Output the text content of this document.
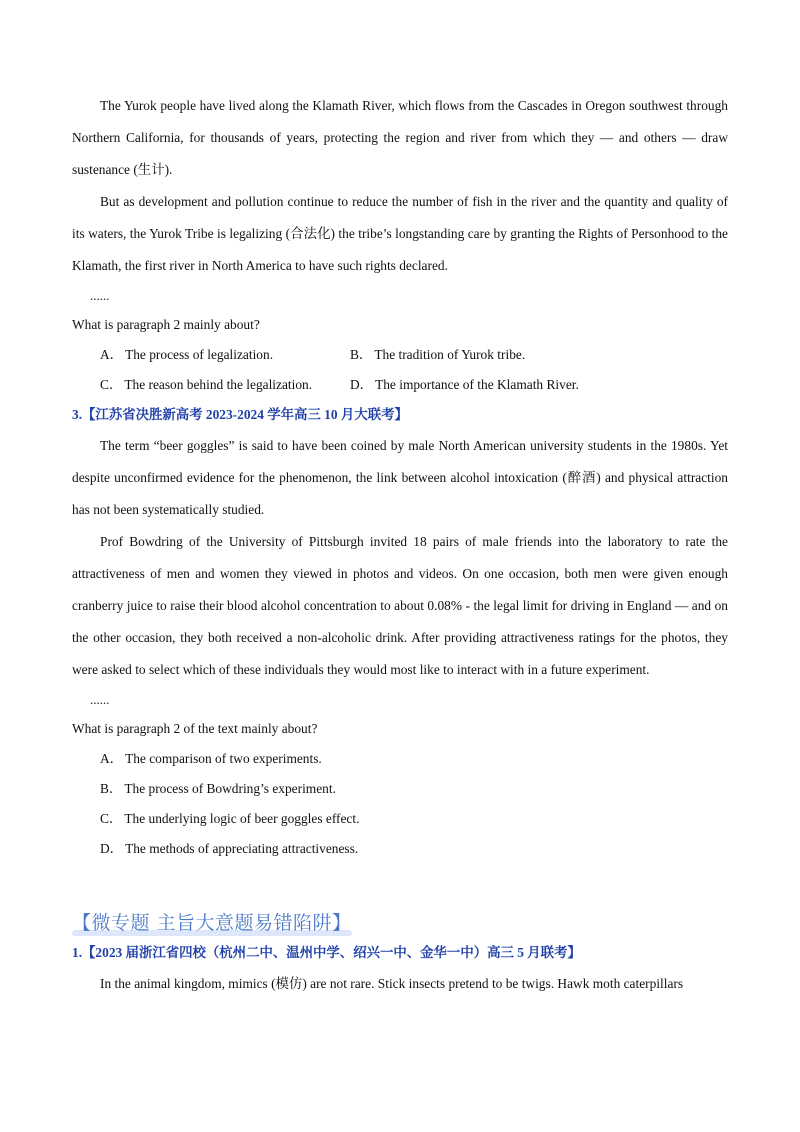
The Yurok people have lived along the Klamath River, which flows from the Cascades in Oregon southwest through Northern California, for thousands of years, protecting the region and river from which they — and others — draw sustenance (生计).

But as development and pollution continue to reduce the number of fish in the river and the quantity and quality of its waters, the Yurok Tribe is legalizing (合法化) the tribe’s longstanding care by granting the Rights of Personhood to the Klamath, the first river in North America to have such rights declared.

......

What is paragraph 2 mainly about?

A． The process of legalization.	B． The tradition of Yurok tribe.
C． The reason behind the legalization.	D． The importance of the Klamath River.

3.【江苏省决胜新高考 2023-2024 学年高三 10 月大联考】

The term “beer goggles” is said to have been coined by male North American university students in the 1980s. Yet despite unconfirmed evidence for the phenomenon, the link between alcohol intoxication (醉酒) and physical attraction has not been systematically studied.

Prof Bowdring of the University of Pittsburgh invited 18 pairs of male friends into the laboratory to rate the attractiveness of men and women they viewed in photos and videos. On one occasion, both men were given enough cranberry juice to raise their blood alcohol concentration to about 0.08% - the legal limit for driving in England — and on the other occasion, they both received a non-alcoholic drink. After providing attractiveness ratings for the photos, they were asked to select which of these individuals they would most like to interact with in a future experiment.

......

What is paragraph 2 of the text mainly about?

A． The comparison of two experiments.
B． The process of Bowdring’s experiment.
C． The underlying logic of beer goggles effect.
D． The methods of appreciating attractiveness.
【微专题 主旨大意题易错陷阱】

1.【2023 届浙江省四校（杭州二中、温州中学、绍兴一中、金华一中）高三 5 月联考】

In the animal kingdom, mimics (模仿) are not rare. Stick insects pretend to be twigs. Hawk moth caterpillars
